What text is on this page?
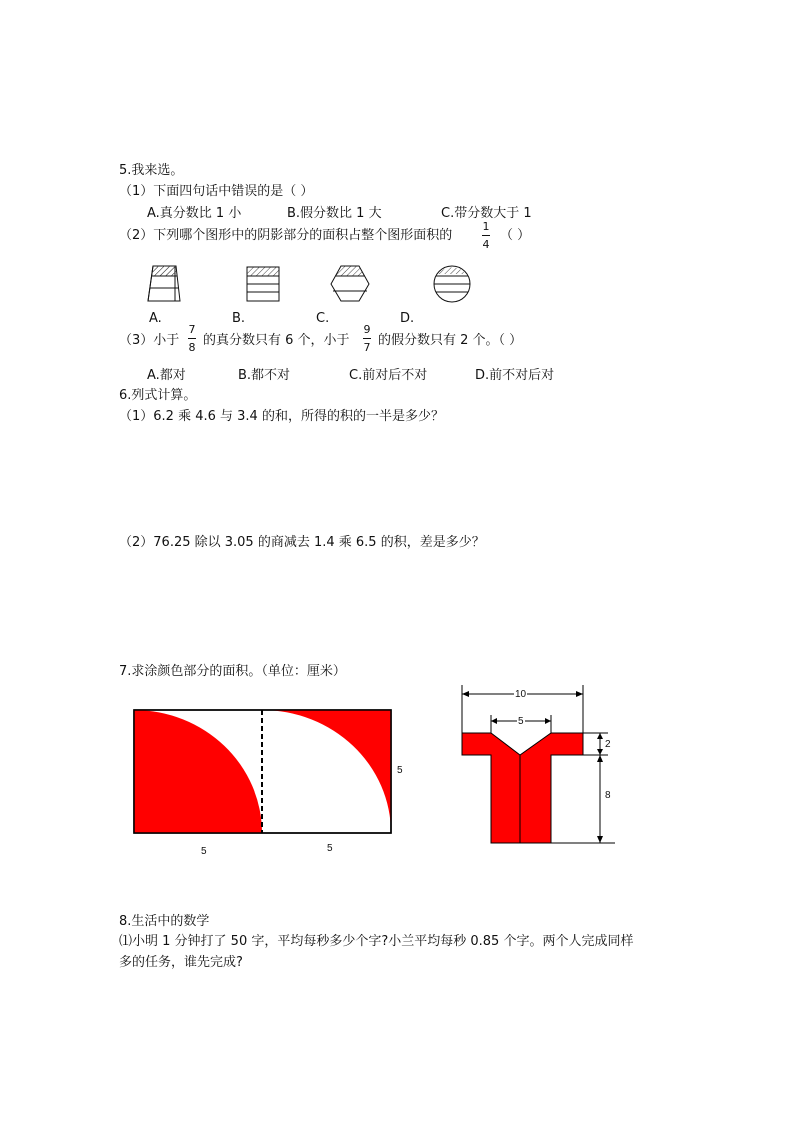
5.我来选。
（1）下面四句话中错误的是（ ）
A.真分数比 1 小	B.假分数比 1 大	C.带分数大于 1
（2）下列哪个图形中的阴影部分的面积占整个图形面积的
1
4
（ ）
A.	B.	C.	D.
（3）小于
7
8 的真分数只有 6 个，小于
9
7 的假分数只有 2 个。（ ）
A.都对	B.都不对	C.前对后不对	D.前不对后对
6.列式计算。
（1）6.2 乘 4.6 与 3.4 的和，所得的积的一半是多少？
（2）76.25 除以 3.05 的商减去 1.4 乘 6.5 的积，差是多少？
7.求涂颜色部分的面积。（单位：厘米）
5	5
5
10
5
2
8
8.生活中的数学
⑴小明 1 分钟打了 50 字，平均每秒多少个字?小兰平均每秒 0.85 个字。两个人完成同样
多的任务，谁先完成?
